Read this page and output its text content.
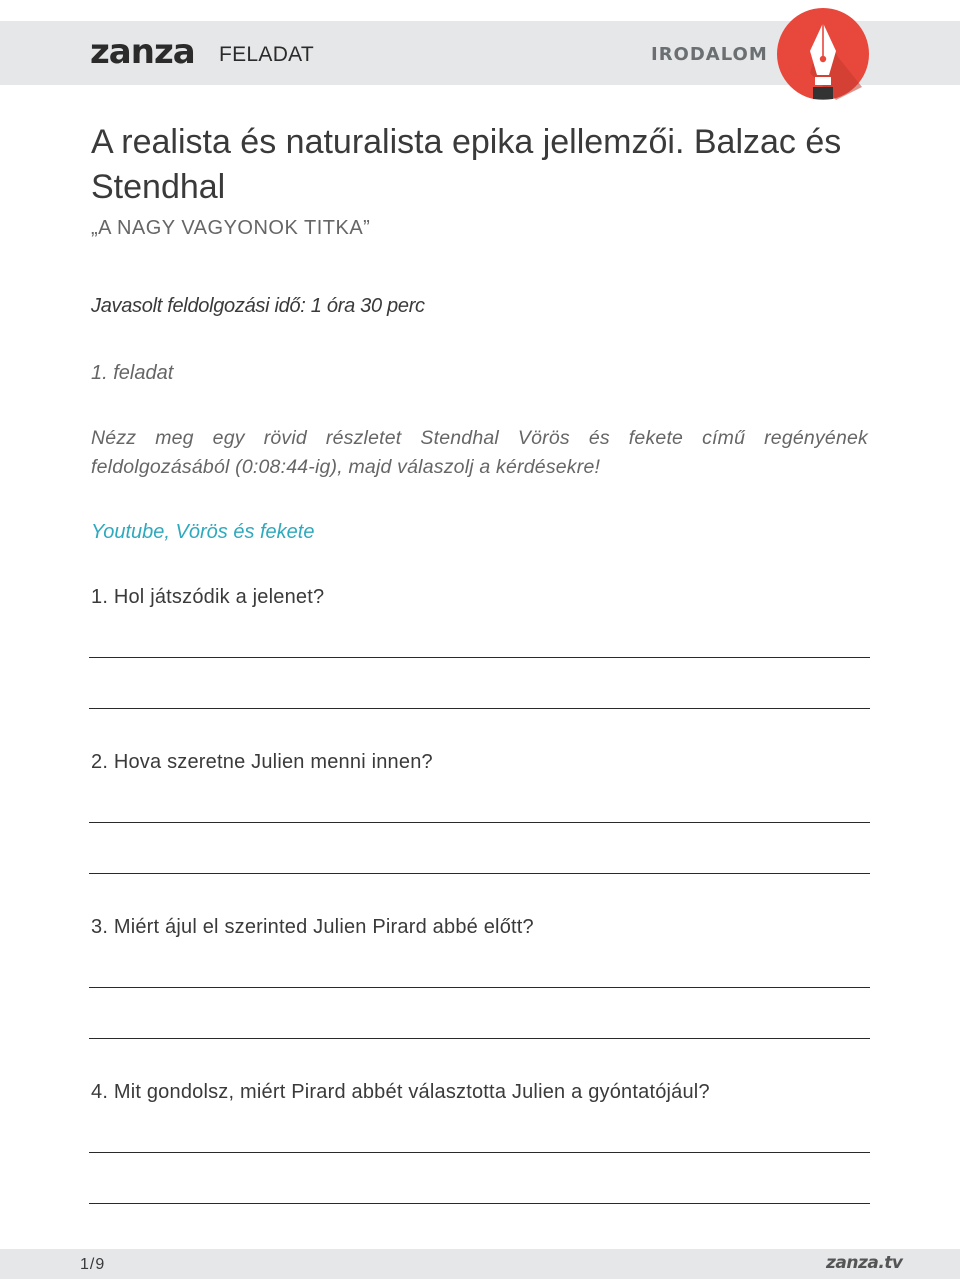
zanza FELADAT	IRODALOM
A realista és naturalista epika jellemzői. Balzac és Stendhal
„A NAGY VAGYONOK TITKA”
Javasolt feldolgozási idő: 1 óra 30 perc
1. feladat

Nézz meg egy rövid részletet Stendhal Vörös és fekete című regényének feldolgozásából (0:08:44-ig), majd válaszolj a kérdésekre!

Youtube, Vörös és fekete
1. Hol játszódik a jelenet?
2. Hova szeretne Julien menni innen?
3. Miért ájul el szerinted Julien Pirard abbé előtt?
4. Mit gondolsz, miért Pirard abbét választotta Julien a gyóntatójául?
1/9	zanza.tv
